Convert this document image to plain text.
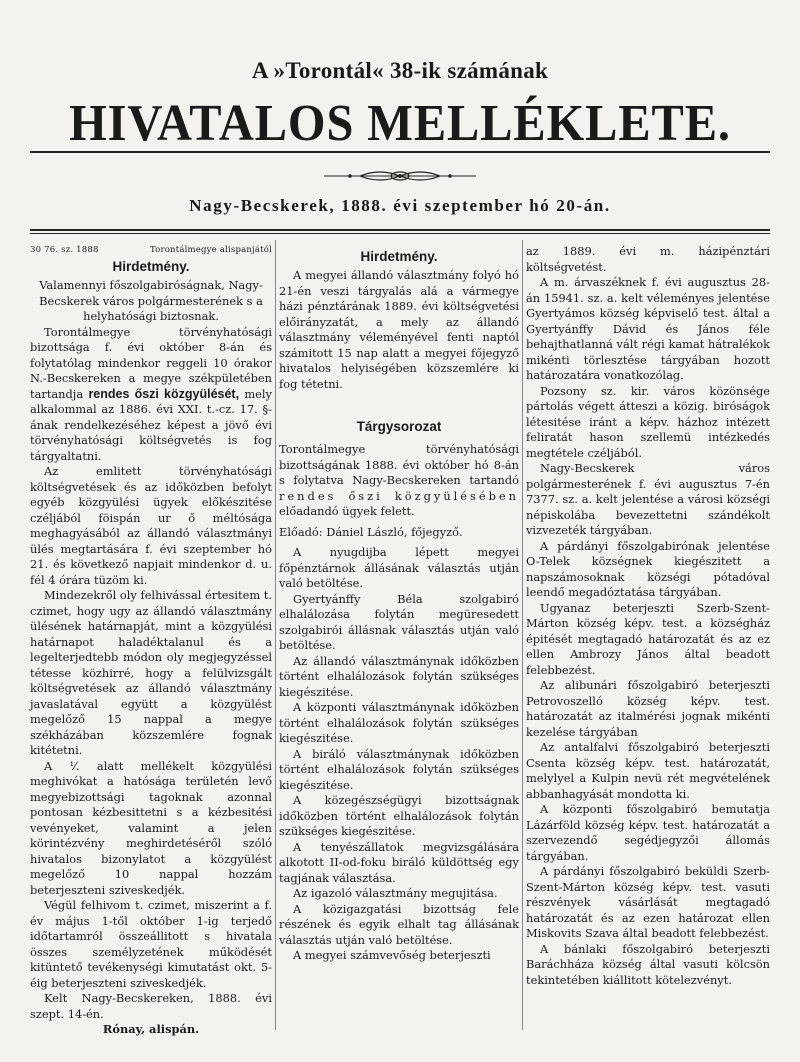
A »Torontál« 38-ik számának
HIVATALOS MELLÉKLETE.
Nagy-Becskerek, 1888. évi szeptember hó 20-án.
30 76. sz. 1888	Torontálmegye alispanjától
Hirdetmény.

Valamennyi főszolgabiróságnak, Nagy-Becskerek város polgármesterének s a helyhatósági biztosnak.

Torontálmegye törvényhatósági bizottsága f. évi október 8-án és folytatólag mindenkor reggeli 10 órakor N.-Becskereken a megye székpületében tartandja rendes őszi közgyülését, mely alkalommal az 1886. évi XXI. t.-cz. 17. §-ának rendelkezéséhez képest a jövő évi törvényhatósági költségvetés is fog tárgyaltatni.

Az emlitett törvényhatósági költségvetések és az időközben befolyt egyéb közgyülési ügyek előkészitése czéljából föispán ur ő méltósága meghagyásából az állandó választmányi ülés megtartására f. évi szeptember hó 21. és következő napjait mindenkor d. u. fél 4 órára tüzöm ki.

Mindezekről oly felhivással értesitem t. czimet, hogy ugy az állandó választmány ülésének határnapját, mint a közgyülési határnapot haladéktalanul és a legelterjedtebb módon oly megjegyzéssel tétesse közhirré, hogy a felülvizsgált költségvetések az állandó választmány javaslatával együtt a közgyülést megelőző 15 nappal a megye székházában közszemlére fognak kitétetni.

A ⅟. alatt mellékelt közgyülési meghivókat a hatósága területén levő megyebizottsági tagoknak azonnal pontosan kézbesittetni s a kézbesitési vevényeket, valamint a jelen körintézvény meghirdetéséről szóló hivatalos bizonylatot a közgyülést megelőző 10 nappal hozzám beterjeszteni sziveskedjék.

Végül felhivom t. czimet, miszerint a f. év május 1-től október 1-ig terjedő időtartamról összeállitott s hivatala összes személyzetének működését kitüntető tevékenységi kimutatást okt. 5-éig beterjeszteni sziveskedjék.

Kelt Nagy-Becskereken, 1888. évi szept. 14-én.

Rónay, alispán.

Hirdetmény.

A megyei állandó választmány folyó hó 21-én veszi tárgyalás alá a vármegye házi pénztárának 1889. évi költségvetési előirányzatát, a mely az állandó választmány véleményével fenti naptól számitott 15 nap alatt a megyei főjegyző hivatalos helyiségében közszemlére ki fog tétetni.

Tárgysorozat

Torontálmegye törvényhatósági bizottságának 1888. évi október hó 8-án s folytatva Nagy-Becskereken tartandó rendes őszi közgyülésében előadandó ügyek felett.

Előadó: Dániel László, főjegyző.

A nyugdijba lépett megyei főpénztárnok állásának választás utján való betöltése.

Gyertyánffy Béla szolgabiró elhalálozása folytán megüresedett szolgabirói állásnak választás utján való betöltése.

Az állandó választmánynak időközben történt elhalálozások folytán szükséges kiegészitése.

A központi választmánynak időközben történt elhalálozások folytán szükséges kiegészitése.

A biráló választmánynak időközben történt elhalálozások folytán szükséges kiegészitése.

A közegészségügyi bizottságnak időközben történt elhalálozások folytán szükséges kiegészitése.

A tenyészállatok megvizsgálására alkotott II-od-foku biráló küldöttség egy tagjának választása.

Az igazoló választmány megujitása.

A közigazgatási bizottság fele részének és egyik elhalt tag állásának választás utján való betöltése.

A megyei számvevőség beterjeszti

az 1889. évi m. házipénztári költségvetést.

A m. árvaszéknek f. évi augusztus 28-án 15941. sz. a. kelt véleményes jelentése Gyertyámos község képviselő test. által a Gyertyánffy Dávid és János féle behajthatlanná vált régi kamat hátralékok mikénti törlesztése tárgyában hozott határozatára vonatkozólag.

Pozsony sz. kir. város közönsége pártolás végett átteszi a közig. biróságok létesitése iránt a képv. házhoz intézett feliratát hason szellemü intézkedés megtétele czéljából.

Nagy-Becskerek város polgármesterének f. évi augusztus 7-én 7377. sz. a. kelt jelentése a városi községi népiskolába bevezettetni szándékolt vizvezeték tárgyában.

A párdányi főszolgabirónak jelentése O-Telek községnek kiegészitett a napszámosoknak községi pótadóval leendő megadóztatása tárgyában.

Ugyanaz beterjeszti Szerb-Szent-Márton község képv. test. a községház épitését megtagadó határozatát és az ez ellen Ambrozy János által beadott felebbezést.

Az alibunári főszolgabiró beterjeszti Petrovoszelló község képv. test. határozatát az italmérési jognak mikénti kezelése tárgyában

Az antalfalvi főszolgabiró beterjeszti Csenta község képv. test. határozatát, melylyel a Kulpin nevü rét megvételének abbanhagyását mondotta ki.

A központi főszolgabiró bemutatja Lázárföld község képv. test. határozatát a szervezendő segédjegyzői állomás tárgyában.

A párdányi főszolgabiró beküldi Szerb-Szent-Márton község képv. test. vasuti részvények vásárlását megtagadó határozatát és az ezen határozat ellen Miskovits Szava által beadott felebbezést.

A bánlaki főszolgabiró beterjeszti Baráchháza község által vasuti kölcsön tekintetében kiállitott kötelezvényt.
